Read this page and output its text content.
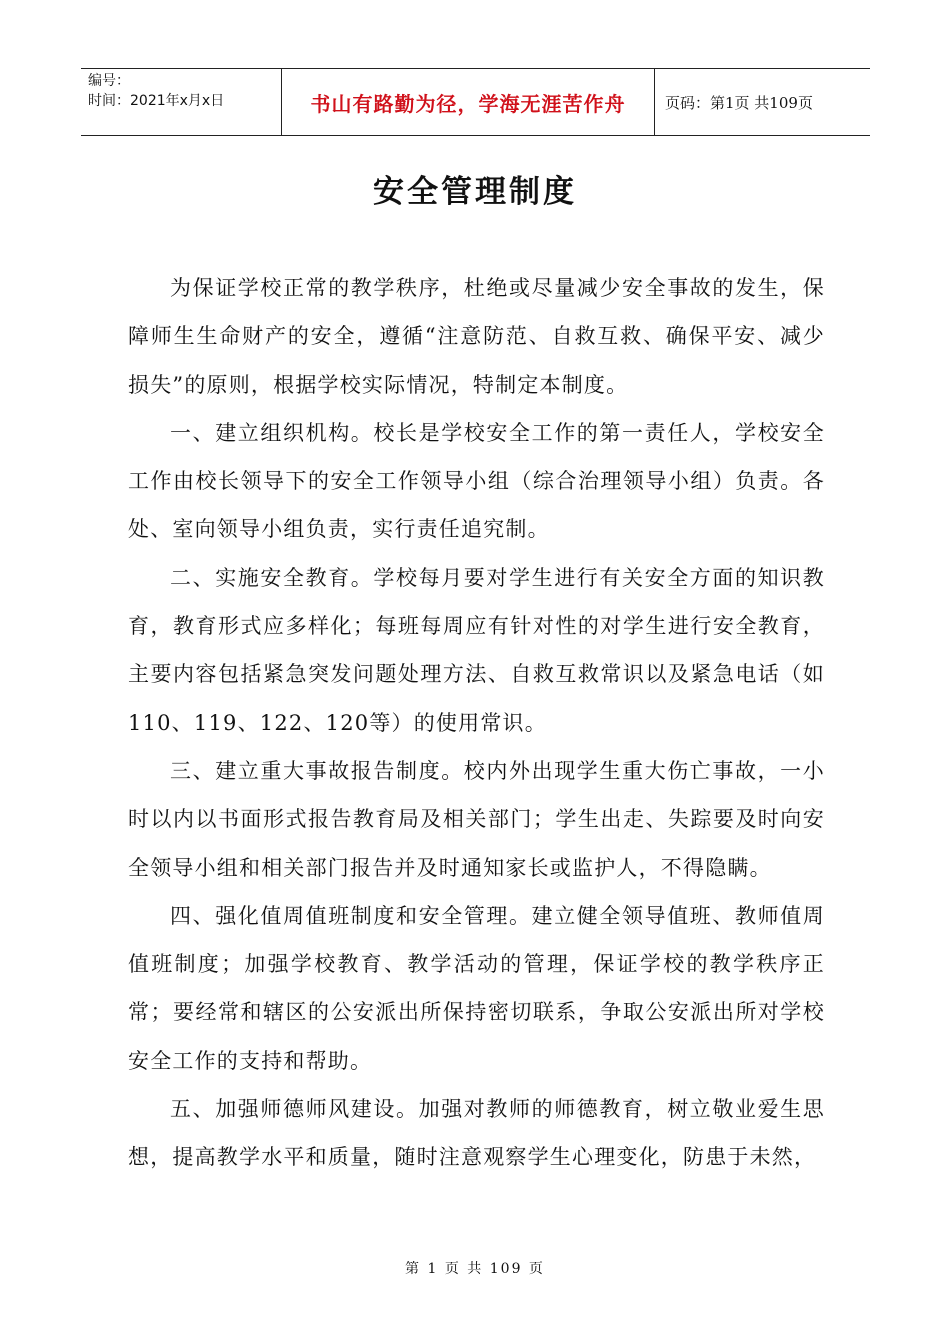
编号：
时间：2021年x月x日	书山有路勤为径，学海无涯苦作舟	页码：第1页 共109页
安全管理制度

为保证学校正常的教学秩序，杜绝或尽量减少安全事故的发生，保障师生生命财产的安全，遵循“注意防范、自救互救、确保平安、减少损失”的原则，根据学校实际情况，特制定本制度。

一、建立组织机构。校长是学校安全工作的第一责任人，学校安全工作由校长领导下的安全工作领导小组（综合治理领导小组）负责。各处、室向领导小组负责，实行责任追究制。

二、实施安全教育。学校每月要对学生进行有关安全方面的知识教育，教育形式应多样化；每班每周应有针对性的对学生进行安全教育，主要内容包括紧急突发问题处理方法、自救互救常识以及紧急电话（如110、119、122、120等）的使用常识。

三、建立重大事故报告制度。校内外出现学生重大伤亡事故，一小时以内以书面形式报告教育局及相关部门；学生出走、失踪要及时向安全领导小组和相关部门报告并及时通知家长或监护人，不得隐瞒。

四、强化值周值班制度和安全管理。建立健全领导值班、教师值周值班制度；加强学校教育、教学活动的管理，保证学校的教学秩序正常；要经常和辖区的公安派出所保持密切联系，争取公安派出所对学校安全工作的支持和帮助。

五、加强师德师风建设。加强对教师的师德教育，树立敬业爱生思想，提高教学水平和质量，随时注意观察学生心理变化，防患于未然，

第 1 页 共 109 页
